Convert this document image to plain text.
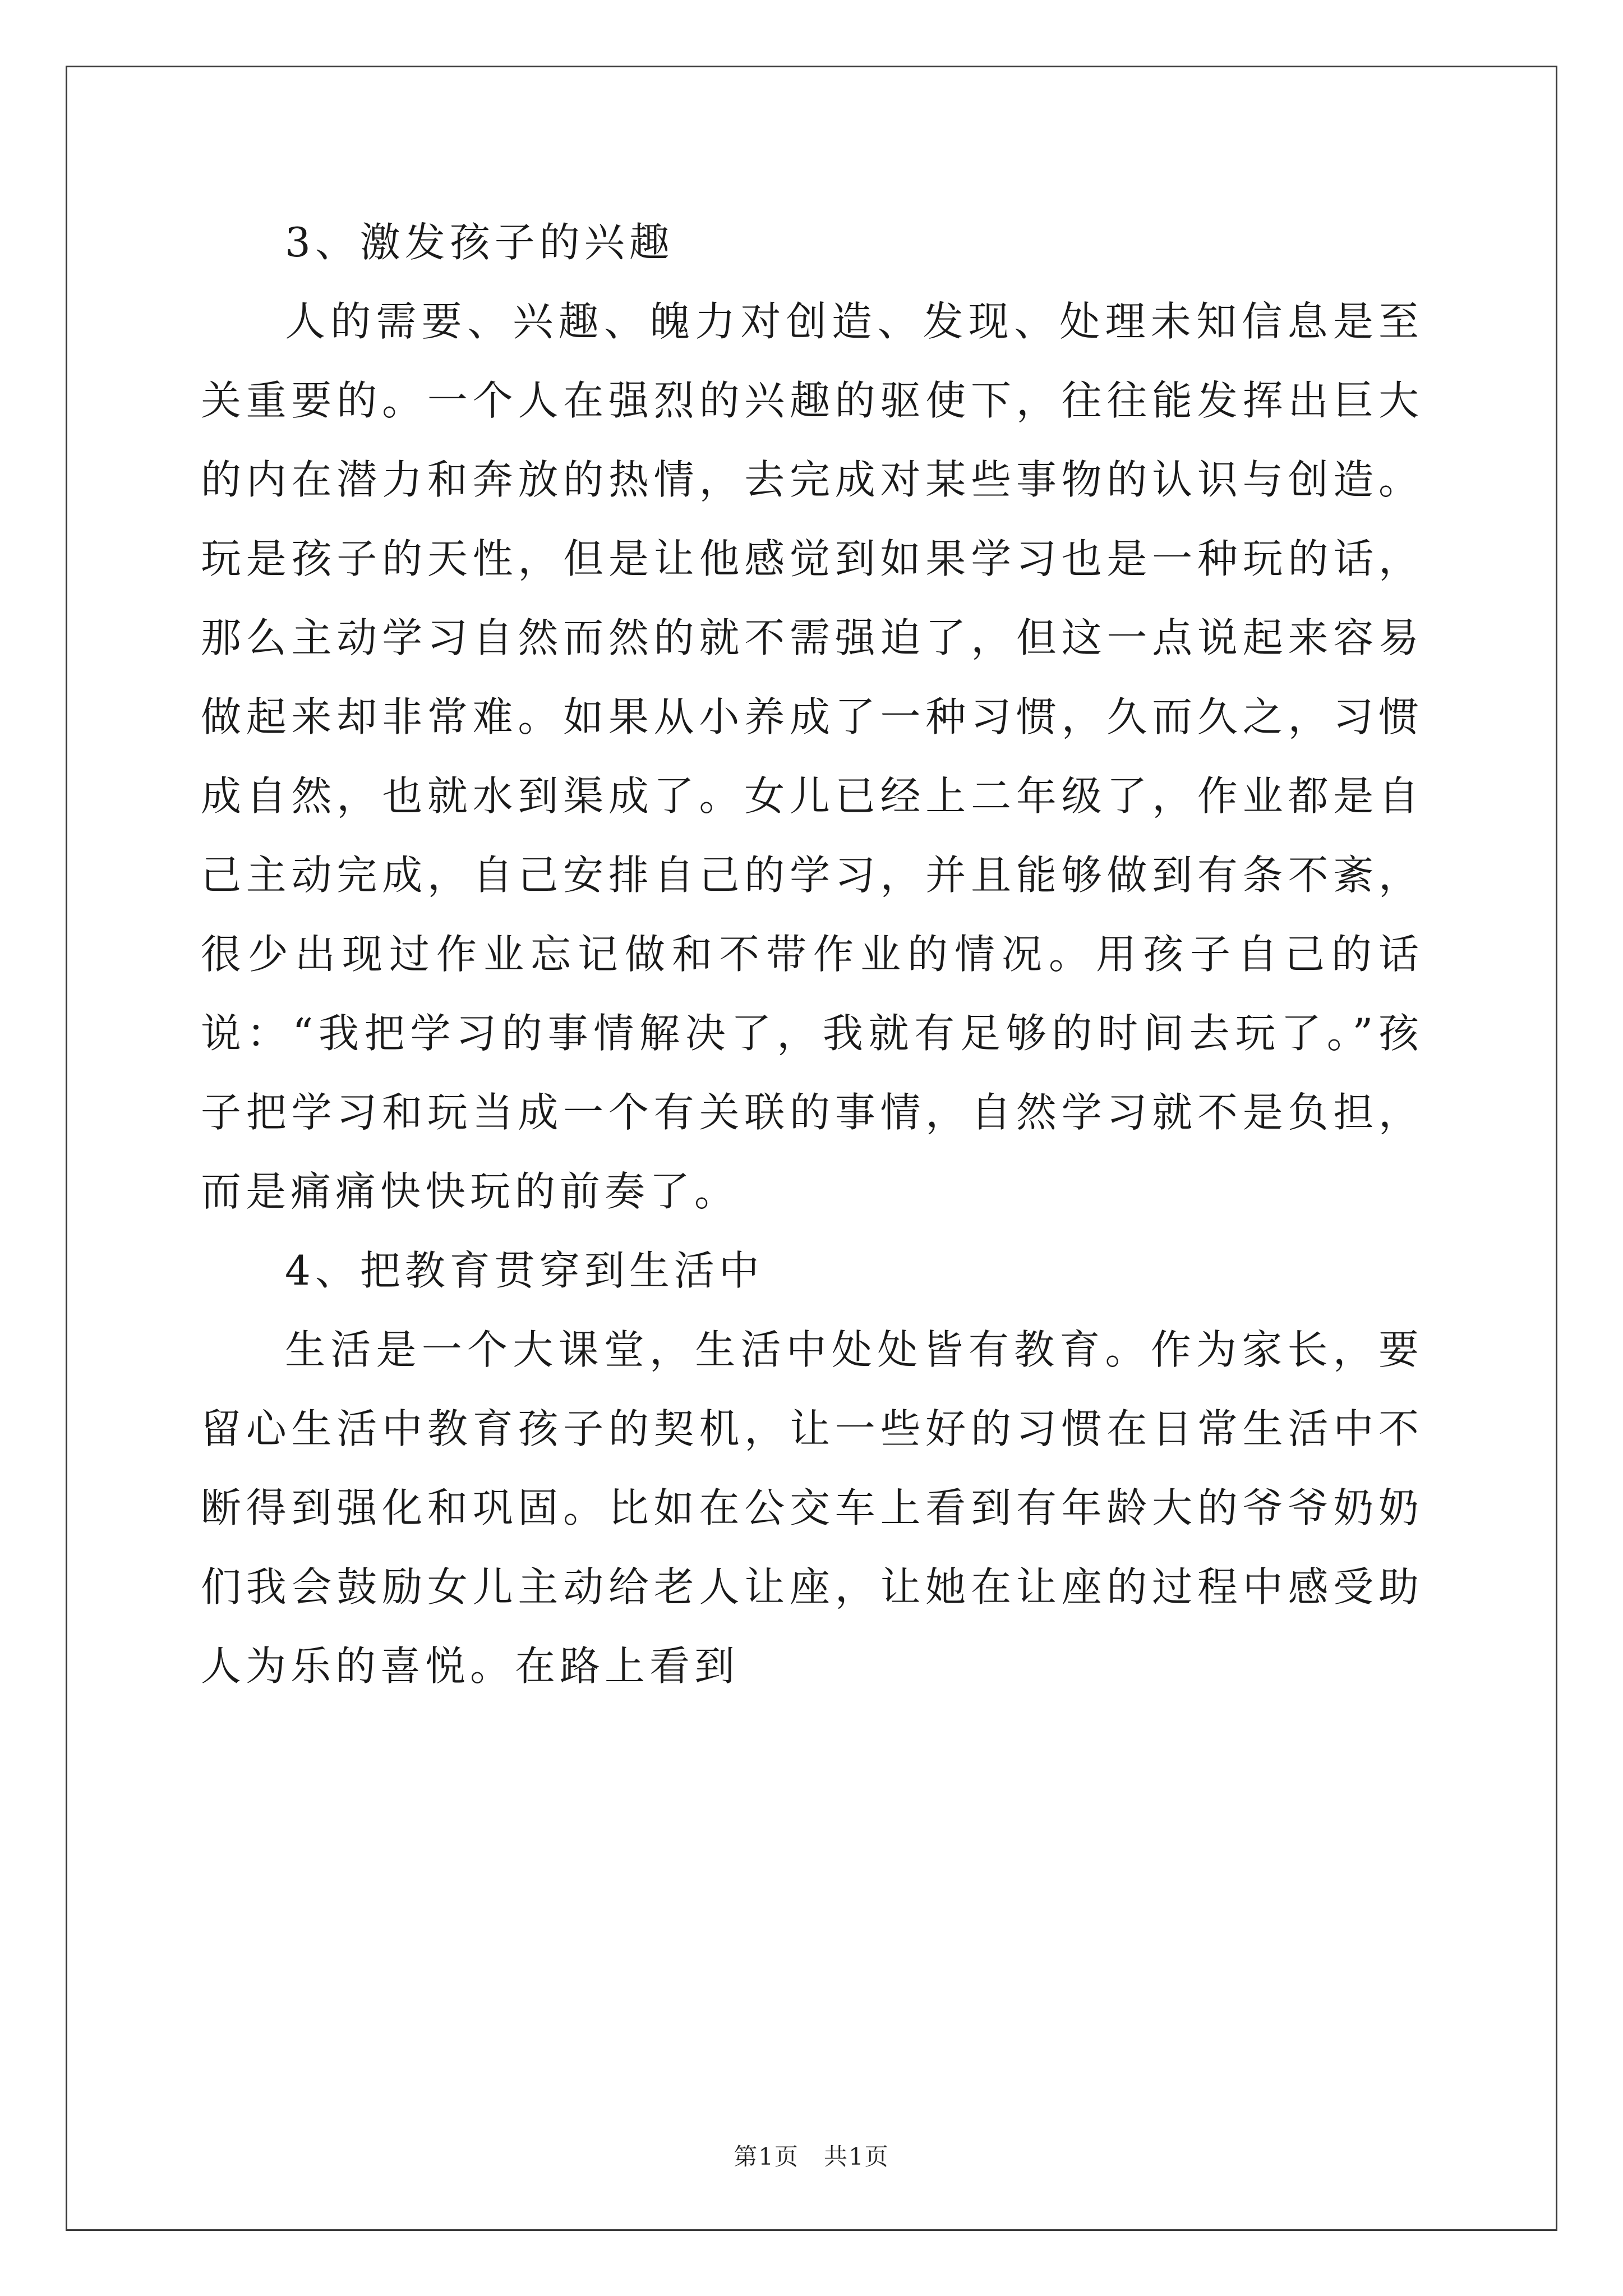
3、激发孩子的兴趣

人的需要、兴趣、魄力对创造、发现、处理未知信息是至关重要的。一个人在强烈的兴趣的驱使下，往往能发挥出巨大的内在潜力和奔放的热情，去完成对某些事物的认识与创造。玩是孩子的天性，但是让他感觉到如果学习也是一种玩的话，那么主动学习自然而然的就不需强迫了，但这一点说起来容易做起来却非常难。如果从小养成了一种习惯，久而久之，习惯成自然，也就水到渠成了。女儿已经上二年级了，作业都是自己主动完成，自己安排自己的学习，并且能够做到有条不紊，很少出现过作业忘记做和不带作业的情况。用孩子自己的话说：“我把学习的事情解决了，我就有足够的时间去玩了。”孩子把学习和玩当成一个有关联的事情，自然学习就不是负担，而是痛痛快快玩的前奏了。

4、把教育贯穿到生活中

生活是一个大课堂，生活中处处皆有教育。作为家长，要留心生活中教育孩子的契机，让一些好的习惯在日常生活中不断得到强化和巩固。比如在公交车上看到有年龄大的爷爷奶奶们我会鼓励女儿主动给老人让座，让她在让座的过程中感受助人为乐的喜悦。在路上看到

第1页　共1页
